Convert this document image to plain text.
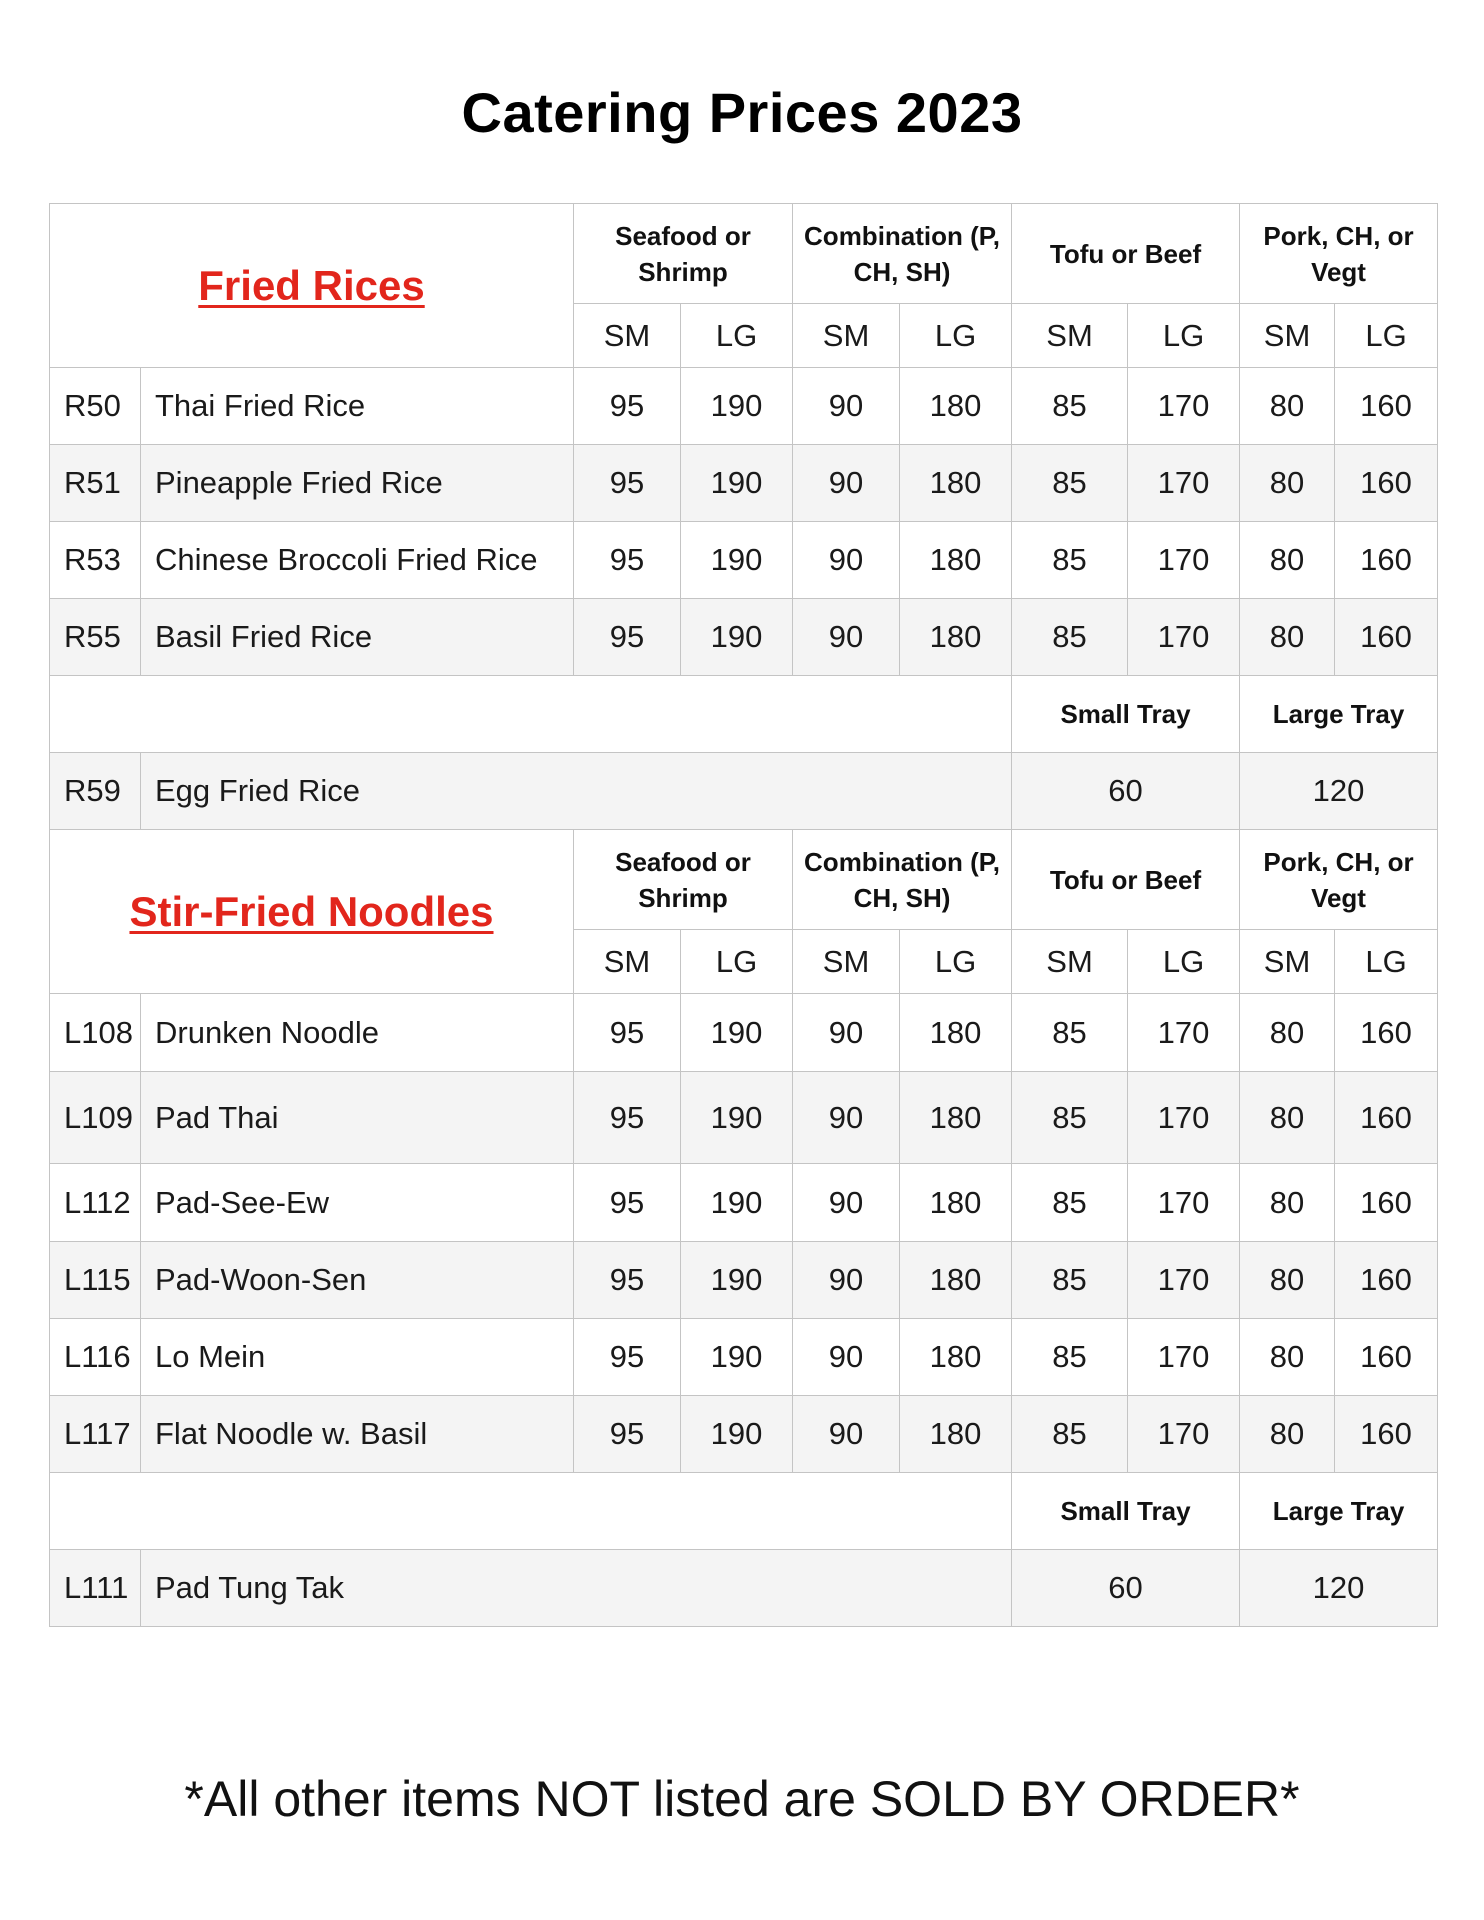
Catering Prices 2023
Fried Rices		Seafood or Shrimp		Combination (P, CH, SH)		Tofu or Beef		Pork, CH, or Vegt	
		SM	LG	SM	LG	SM	LG	SM	LG
R50	Thai Fried Rice	95	190	90	180	85	170	80	160
R51	Pineapple Fried Rice	95	190	90	180	85	170	80	160
R53	Chinese Broccoli Fried Rice	95	190	90	180	85	170	80	160
R55	Basil Fried Rice	95	190	90	180	85	170	80	160
						Small Tray		Large Tray	
R59	Egg Fried Rice					60		120	
Stir-Fried Noodles		Seafood or Shrimp		Combination (P, CH, SH)		Tofu or Beef		Pork, CH, or Vegt	
		SM	LG	SM	LG	SM	LG	SM	LG
L108	Drunken Noodle	95	190	90	180	85	170	80	160
L109	Pad Thai	95	190	90	180	85	170	80	160
L112	Pad-See-Ew	95	190	90	180	85	170	80	160
L115	Pad-Woon-Sen	95	190	90	180	85	170	80	160
L116	Lo Mein	95	190	90	180	85	170	80	160
L117	Flat Noodle w. Basil	95	190	90	180	85	170	80	160
						Small Tray		Large Tray	
L111	Pad Tung Tak					60		120	
*All other items NOT listed are SOLD BY ORDER*
